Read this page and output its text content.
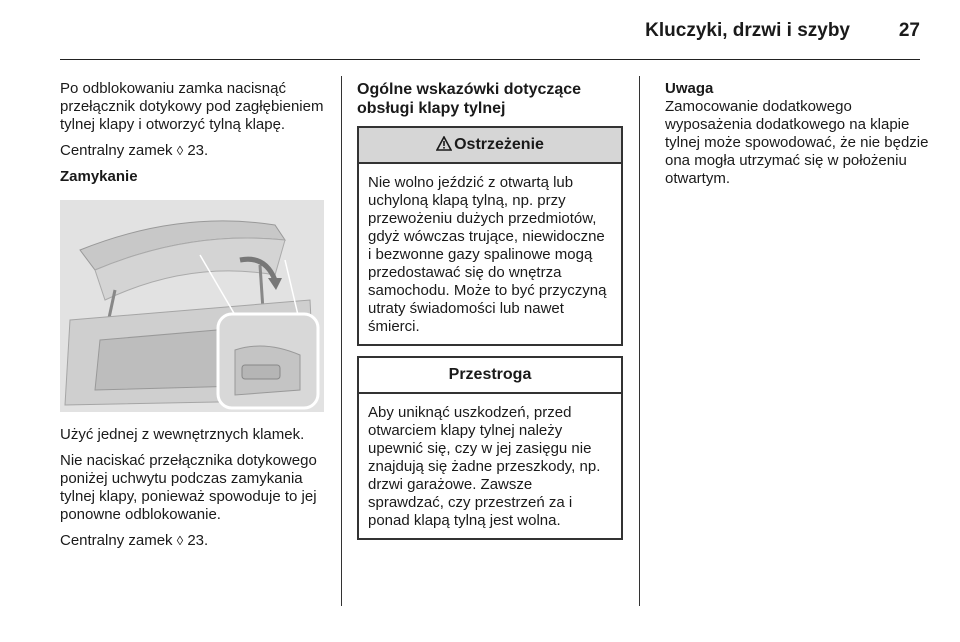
Kluczyki, drzwi i szyby	27

Po odblokowaniu zamka nacisnąć przełącznik dotykowy pod zagłębieniem tylnej klapy i otworzyć tylną klapę.

Centralny zamek ◊ 23.

Zamykanie

Użyć jednej z wewnętrznych klamek.

Nie naciskać przełącznika dotykowego poniżej uchwytu podczas zamykania tylnej klapy, ponieważ spowoduje to jej ponowne odblokowanie.

Centralny zamek ◊ 23.

Ogólne wskazówki dotyczące obsługi klapy tylnej
Ostrzeżenie
Nie wolno jeździć z otwartą lub uchyloną klapą tylną, np. przy przewożeniu dużych przedmiotów, gdyż wówczas trujące, niewidoczne i bezwonne gazy spalinowe mogą przedostawać się do wnętrza samochodu. Może to być przyczyną utraty świadomości lub nawet śmierci.
Przestroga
Aby uniknąć uszkodzeń, przed otwarciem klapy tylnej należy upewnić się, czy w jej zasięgu nie znajdują się żadne przeszkody, np. drzwi garażowe. Zawsze sprawdzać, czy przestrzeń za i ponad klapą tylną jest wolna.
Uwaga
Zamocowanie dodatkowego wyposażenia dodatkowego na klapie tylnej może spowodować, że nie będzie ona mogła utrzymać się w położeniu otwartym.
